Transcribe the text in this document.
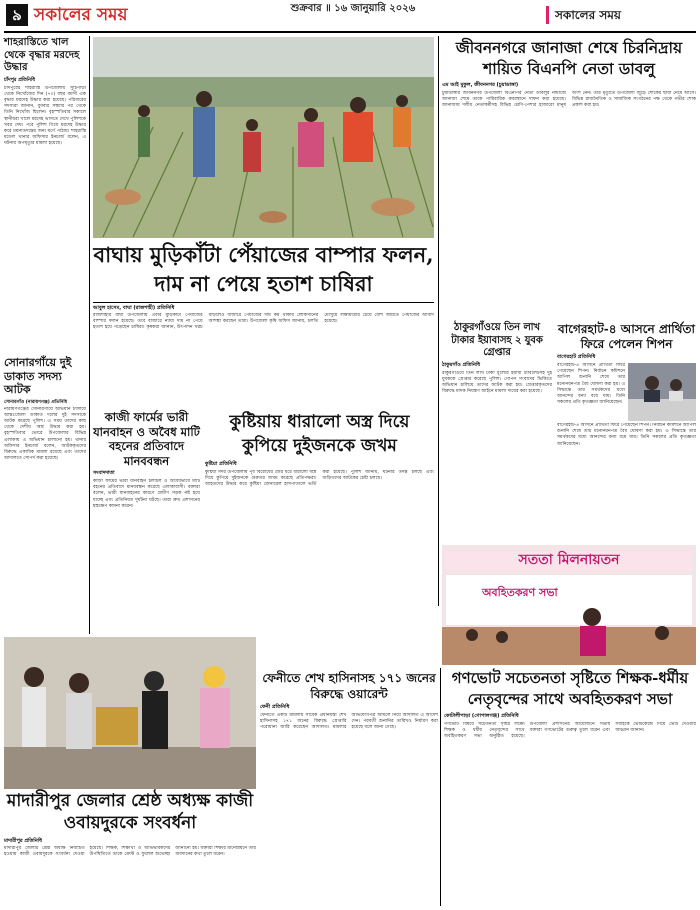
৯ সকালের সময়	শুক্রবার ॥ ১৬ জানুয়ারি ২০২৬	সকালের সময়
শাহরাস্তিতে খাল থেকে বৃদ্ধার মরদেহ উদ্ধার
চাঁদপুর প্রতিনিধি
চাঁদপুরের শাহরাস্তি উপজেলায় সুচিপাড়া থেকে নিখোঁজের দিন (৭০) বছর বয়সী এক বৃদ্ধার মরদেহ উদ্ধার করা হয়েছে। পরিবারের সদস্যরা জানান, বুধবার সন্ধ্যার পর থেকে তিনি নিখোঁজ ছিলেন। বৃহস্পতিবার সকালে স্থানীয়রা খালে মরদেহ ভাসতে দেখে পুলিশকে খবর দেয়। পরে পুলিশ গিয়ে মরদেহ উদ্ধার করে ময়নাতদন্তের জন্য মর্গে পাঠায়। শাহরাস্তি মডেল থানার অফিসার ইনচার্জ বলেন, এ ঘটনায় অপমৃত্যুর মামলা হয়েছে।
সোনারগাঁয়ে দুই ডাকাত সদস্য আটক
সোনারগাঁও (নারায়ণগঞ্জ) প্রতিনিধি
নারায়ণগঞ্জের সোনারগাঁয়ে অভিযান চালিয়ে আন্তঃজেলা ডাকাত দলের দুই সদস্যকে আটক করেছে পুলিশ। এ সময় তাদের কাছ থেকে দেশীয় অস্ত্র উদ্ধার করা হয়। বৃহস্পতিবার ভোরে উপজেলার বিভিন্ন এলাকায় এ অভিযান চালানো হয়। থানার অফিসার ইনচার্জ বলেন, আটককৃতদের বিরুদ্ধে একাধিক মামলা রয়েছে এবং তাদের আদালতে সোপর্দ করা হয়েছে।
বাঘায় মুড়িকাঁটা পেঁয়াজের বাম্পার ফলন, দাম না পেয়ে হতাশ চাষিরা
আবুল হাসেম, বাঘা (রাজশাহী) প্রতিনিধি
রাজশাহীর বাঘা উপজেলায় এবার মুড়িকাঁটা পেঁয়াজের বাম্পার ফলন হয়েছে। তবে বাজারে ন্যায্য দাম না পেয়ে হতাশ হয়ে পড়েছেন চাষিরা। কৃষকরা জানান, উৎপাদন খরচ বাড়লেও বাজারে পেঁয়াজের দাম কম থাকায় লোকসানের আশঙ্কা করছেন তারা। উপজেলা কৃষি অফিস জানায়, চলতি মৌসুমে লক্ষ্যমাত্রার চেয়ে বেশি জমিতে পেঁয়াজের আবাদ হয়েছে।
কাজী ফার্মের ভারী যানবাহন ও অবৈধ মাটি বহনের প্রতিবাদে মানববন্ধন
সংবাদদাতা
কাজী ফার্মের ভারী যানবাহন চলাচল ও অবৈধভাবে মাটি বহনের প্রতিবাদে মানববন্ধন করেছে এলাকাবাসী। বক্তারা বলেন, ভারী যানবাহনের কারণে গ্রামীণ সড়ক নষ্ট হয়ে যাচ্ছে এবং প্রতিনিয়ত দুর্ঘটনা ঘটছে। তারা দ্রুত প্রশাসনের হস্তক্ষেপ কামনা করেন।
কুষ্টিয়ায় ধারালো অস্ত্র দিয়ে কুপিয়ে দুইজনকে জখম
কুষ্টিয়া প্রতিনিধি
কুষ্টিয়া সদর উপজেলায় পূর্ব বিরোধের জের ধরে ধারালো অস্ত্র দিয়ে কুপিয়ে দুইজনকে গুরুতর জখম করেছে প্রতিপক্ষরা। আহতদের উদ্ধার করে কুষ্টিয়া জেনারেল হাসপাতালে ভর্তি করা হয়েছে। পুলিশ জানায়, ঘটনার তদন্ত চলছে এবং জড়িতদের আটকের চেষ্টা চলছে।
জীবননগরে জানাজা শেষে চিরনিদ্রায় শায়িত বিএনপি নেতা ডাবলু
এম আই মুকুল, জীবননগর (চুয়াডাঙ্গা)
চুয়াডাঙ্গার জীবননগর উপজেলা বিএনপির নেতা ডাবলুর নামাজে জানাজা শেষে তাকে পারিবারিক কবরস্থানে দাফন করা হয়েছে। জানাজায় দলীয় নেতাকর্মীসহ বিভিন্ন শ্রেণি-পেশার হাজারো মানুষ অংশ নেন। তার মৃত্যুতে উপজেলা জুড়ে শোকের ছায়া নেমে আসে। বিভিন্ন রাজনৈতিক ও সামাজিক সংগঠনের পক্ষ থেকে গভীর শোক প্রকাশ করা হয়।
ঠাকুরগাঁওয়ে তিন লাখ টাকার ইয়াবাসহ ২ যুবক গ্রেপ্তার
ঠাকুরগাঁও প্রতিনিধি
ঠাকুরগাঁওয়ে তিন লাখ টাকা মূল্যের ইয়াবা ট্যাবলেটসহ দুই যুবককে গ্রেপ্তার করেছে পুলিশ। গোপন সংবাদের ভিত্তিতে অভিযান চালিয়ে তাদের আটক করা হয়। গ্রেপ্তারকৃতদের বিরুদ্ধে মাদক নিয়ন্ত্রণ আইনে মামলা দায়ের করা হয়েছে।
বাগেরহাট-৪ আসনে প্রার্থিতা ফিরে পেলেন শিপন
বাগেরহাট প্রতিনিধি
বাগেরহাট-৪ আসনে প্রার্থিতা ফিরে পেয়েছেন শিপন। নির্বাচন কমিশনে আপিল শুনানি শেষে তার মনোনয়নপত্র বৈধ ঘোষণা করা হয়। এ সিদ্ধান্তে তার সমর্থকদের মধ্যে আনন্দের বন্যা বয়ে যায়। তিনি সকলের প্রতি কৃতজ্ঞতা জানিয়েছেন।
বাগেরহাট-৪ আসনে প্রার্থিতা ফিরে পেয়েছেন শিপন। নির্বাচন কমিশনে আপিল শুনানি শেষে তার মনোনয়নপত্র বৈধ ঘোষণা করা হয়। এ সিদ্ধান্তে তার সমর্থকদের মধ্যে আনন্দের বন্যা বয়ে যায়। তিনি সকলের প্রতি কৃতজ্ঞতা জানিয়েছেন।
সততা মিলনায়তন
অবহিতকরণ সভা
মাদারীপুর জেলার শ্রেষ্ঠ অধ্যক্ষ কাজী ওবায়দুরকে সংবর্ধনা
মাদারীপুর প্রতিনিধি
মাদারীপুর জেলার শ্রেষ্ঠ অধ্যক্ষ নির্বাচিত হওয়ায় কাজী ওবায়দুরকে সংবর্ধনা দেওয়া হয়েছে। শিক্ষক, শিক্ষার্থী ও অভিভাবকদের উপস্থিতিতে তাকে ক্রেস্ট ও ফুলেল শুভেচ্ছা জানানো হয়। বক্তারা শিক্ষার মানোন্নয়নে তার অবদানের কথা তুলে ধরেন।
ফেনীতে শেখ হাসিনাসহ ১৭১ জনের বিরুদ্ধে ওয়ারেন্ট
ফেনী প্রতিনিধি
ফেনীতে একটি মামলায় সাবেক প্রধানমন্ত্রী শেখ হাসিনাসহ ১৭১ জনের বিরুদ্ধে গ্রেপ্তারি পরোয়ানা জারি করেছেন আদালত। মামলার অভিযোগপত্র আমলে নিয়ে আদালত এ আদেশ দেন। পরবর্তী শুনানির তারিখও নির্ধারণ করা হয়েছে বলে জানা গেছে।
গণভোট সচেতনতা সৃষ্টিতে শিক্ষক-ধর্মীয় নেতৃবৃন্দের সাথে অবহিতকরণ সভা
কোটালীপাড়া (গোপালগঞ্জ) প্রতিনিধি
গণভোট বিষয়ে সচেতনতা সৃষ্টির লক্ষ্যে শিক্ষক ও ধর্মীয় নেতৃবৃন্দের সাথে অবহিতকরণ সভা অনুষ্ঠিত হয়েছে। উপজেলা প্রশাসনের আয়োজনে সভায় বক্তারা গণভোটের গুরুত্ব তুলে ধরেন এবং সবাইকে ভোটকেন্দ্রে গিয়ে ভোট দেওয়ার আহ্বান জানান।
